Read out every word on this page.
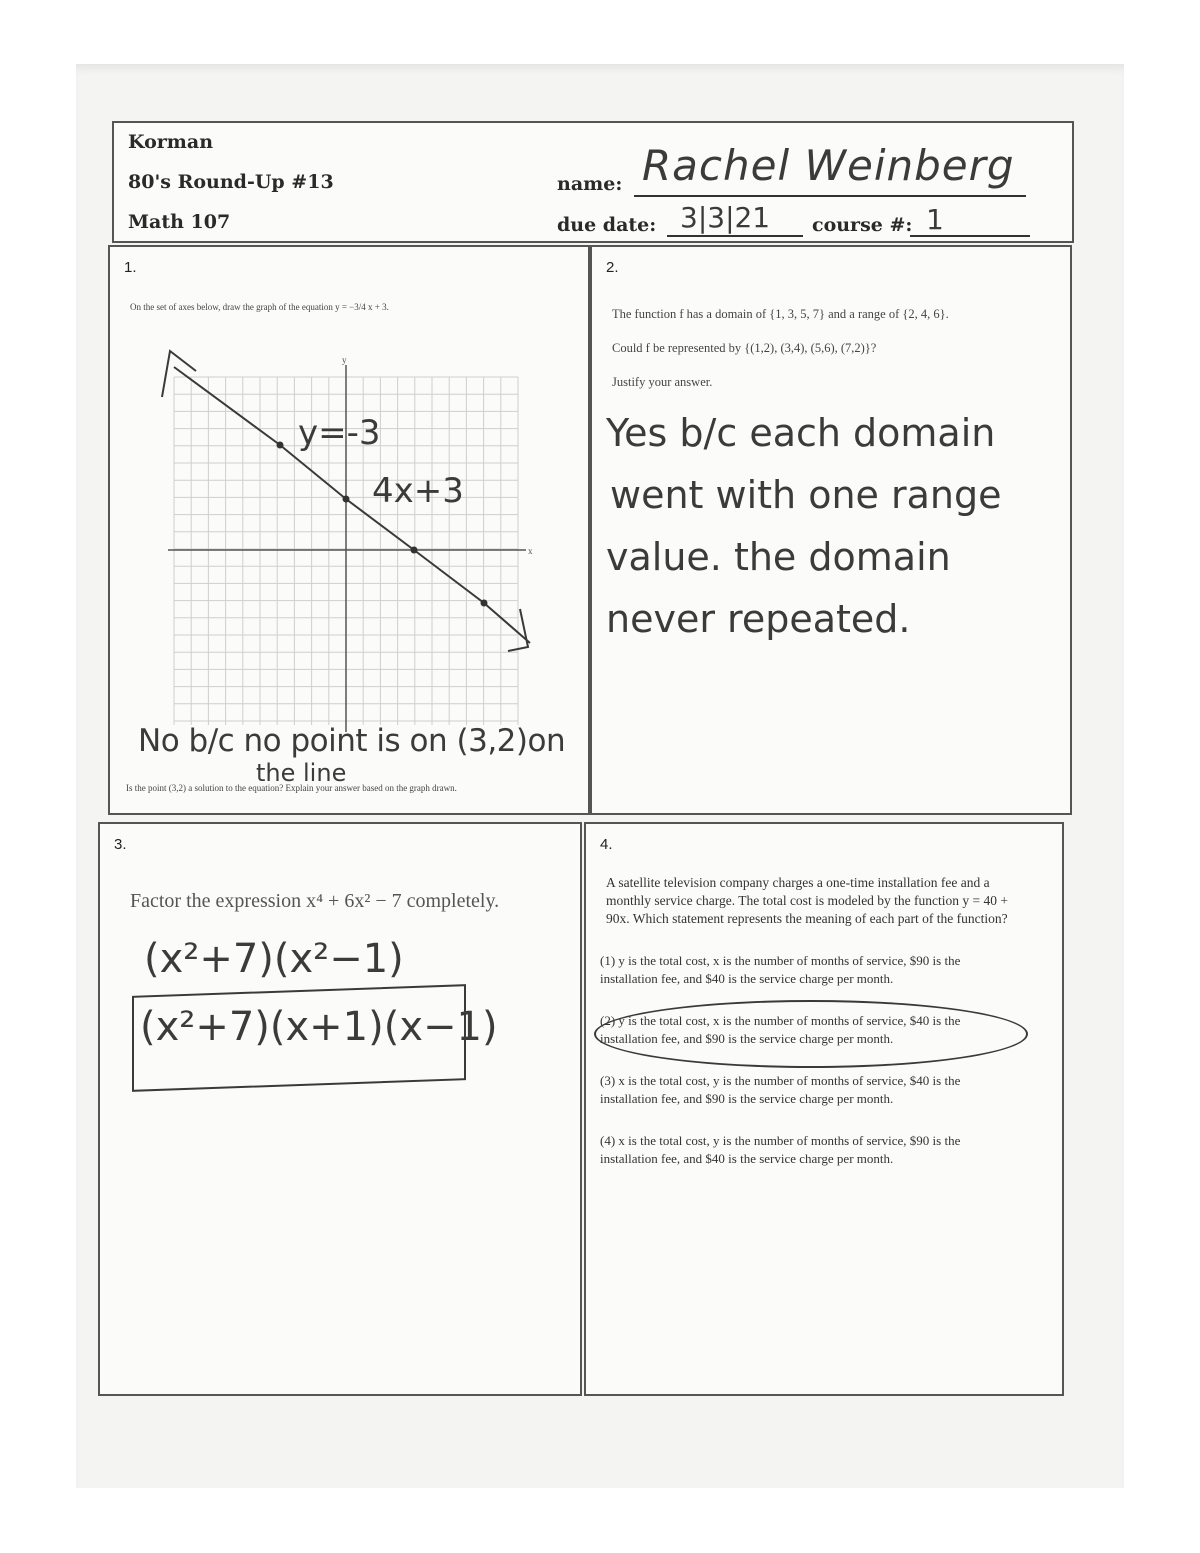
Korman
80's Round-Up #13
Math 107
name: Rachel Weinberg
due date: 3|3|21 course #: 1
1.
On the set of axes below, draw the graph of the equation y = −3/4 x + 3.
y
x
y=-3
4x+3
No b/c no point is on (3,2)on
the line
Is the point (3,2) a solution to the equation? Explain your answer based on the graph drawn.
2.
The function f has a domain of {1, 3, 5, 7} and a range of {2, 4, 6}.
Could f be represented by {(1,2), (3,4), (5,6), (7,2)}?
Justify your answer.
Yes b/c each domain
went with one range
value. the domain
never repeated.
3.
Factor the expression x⁴ + 6x² − 7 completely.
(x²+7)(x²−1)
(x²+7)(x+1)(x−1)
4.
A satellite television company charges a one-time installation fee and a monthly service charge. The total cost is modeled by the function y = 40 + 90x. Which statement represents the meaning of each part of the function?
(1) y is the total cost, x is the number of months of service, $90 is the installation fee, and $40 is the service charge per month.
(2) y is the total cost, x is the number of months of service, $40 is the installation fee, and $90 is the service charge per month.
(3) x is the total cost, y is the number of months of service, $40 is the installation fee, and $90 is the service charge per month.
(4) x is the total cost, y is the number of months of service, $90 is the installation fee, and $40 is the service charge per month.
